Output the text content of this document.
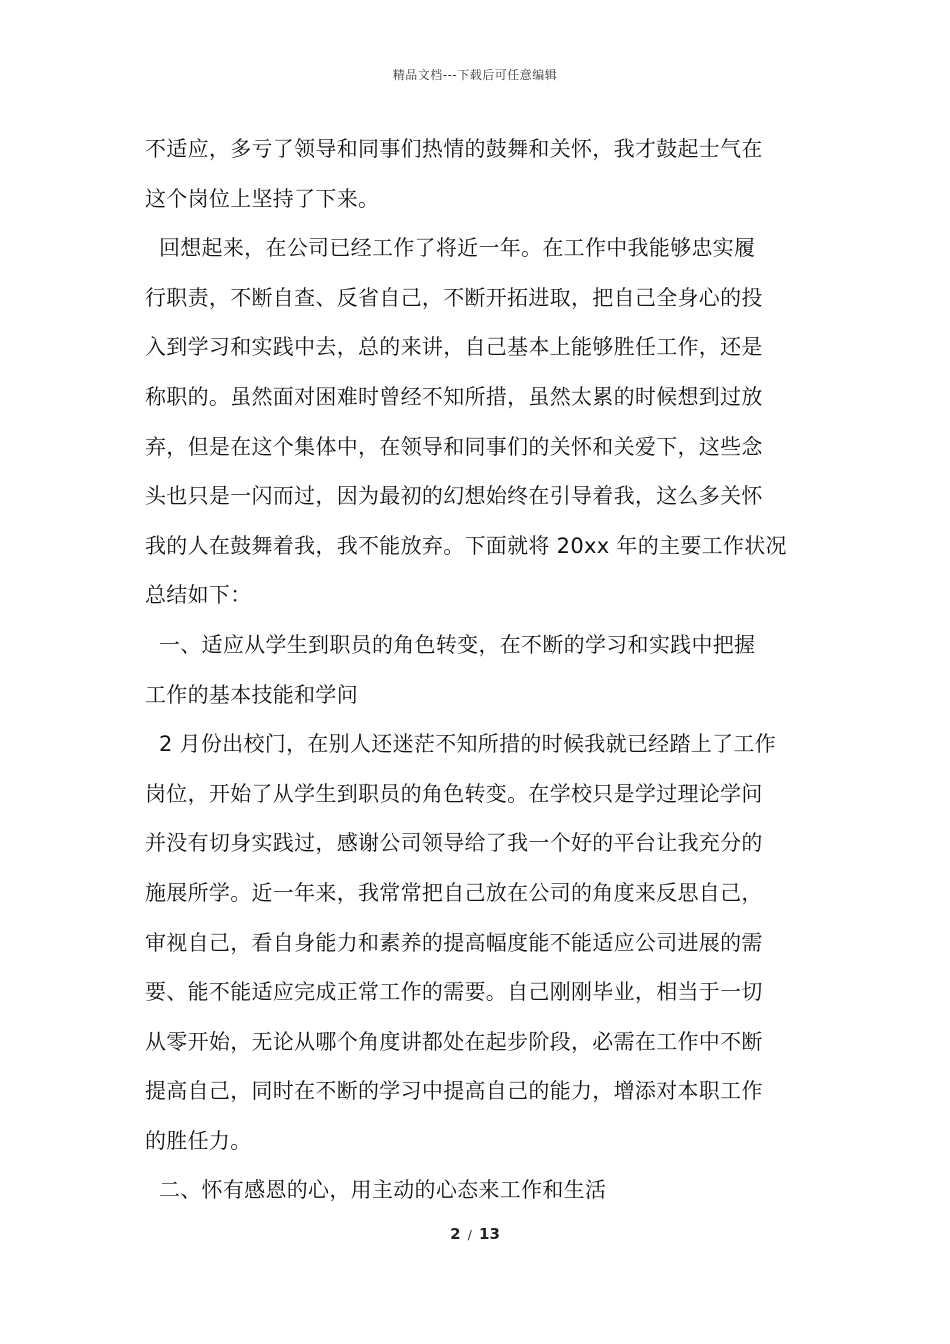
精品文档---下载后可任意编辑
不适应，多亏了领导和同事们热情的鼓舞和关怀，我才鼓起士气在
这个岗位上坚持了下来。
回想起来，在公司已经工作了将近一年。在工作中我能够忠实履
行职责，不断自查、反省自己，不断开拓进取，把自己全身心的投
入到学习和实践中去，总的来讲，自己基本上能够胜任工作，还是
称职的。虽然面对困难时曾经不知所措，虽然太累的时候想到过放
弃，但是在这个集体中，在领导和同事们的关怀和关爱下，这些念
头也只是一闪而过，因为最初的幻想始终在引导着我，这么多关怀
我的人在鼓舞着我，我不能放弃。下面就将 20xx 年的主要工作状况
总结如下：
一、适应从学生到职员的角色转变，在不断的学习和实践中把握
工作的基本技能和学问
2 月份出校门，在别人还迷茫不知所措的时候我就已经踏上了工作
岗位，开始了从学生到职员的角色转变。在学校只是学过理论学问
并没有切身实践过，感谢公司领导给了我一个好的平台让我充分的
施展所学。近一年来，我常常把自己放在公司的角度来反思自己，
审视自己，看自身能力和素养的提高幅度能不能适应公司进展的需
要、能不能适应完成正常工作的需要。自己刚刚毕业，相当于一切
从零开始，无论从哪个角度讲都处在起步阶段，必需在工作中不断
提高自己，同时在不断的学习中提高自己的能力，增添对本职工作
的胜任力。
二、怀有感恩的心，用主动的心态来工作和生活
2 / 13
